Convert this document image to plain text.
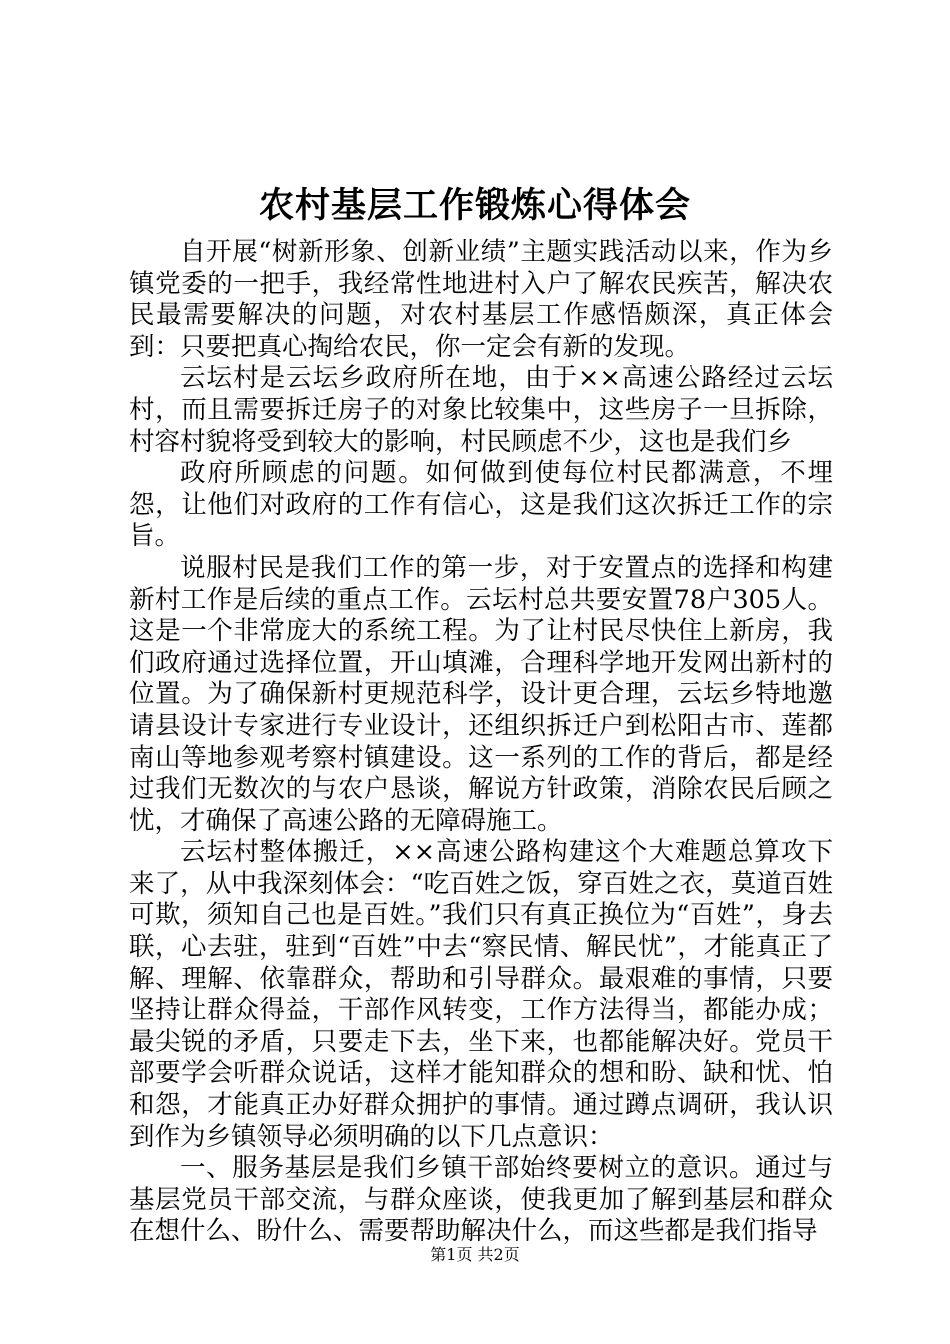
农村基层工作锻炼心得体会

自开展“树新形象、创新业绩”主题实践活动以来，作为乡镇党委的一把手，我经常性地进村入户了解农民疾苦，解决农民最需要解决的问题，对农村基层工作感悟颇深，真正体会到：只要把真心掏给农民，你一定会有新的发现。

云坛村是云坛乡政府所在地，由于××高速公路经过云坛村，而且需要拆迁房子的对象比较集中，这些房子一旦拆除，村容村貌将受到较大的影响，村民顾虑不少，这也是我们乡

政府所顾虑的问题。如何做到使每位村民都满意，不埋怨，让他们对政府的工作有信心，这是我们这次拆迁工作的宗旨。

说服村民是我们工作的第一步，对于安置点的选择和构建新村工作是后续的重点工作。云坛村总共要安置78户305人。这是一个非常庞大的系统工程。为了让村民尽快住上新房，我们政府通过选择位置，开山填滩，合理科学地开发网出新村的位置。为了确保新村更规范科学，设计更合理，云坛乡特地邀请县设计专家进行专业设计，还组织拆迁户到松阳古市、莲都南山等地参观考察村镇建设。这一系列的工作的背后，都是经过我们无数次的与农户恳谈，解说方针政策，消除农民后顾之忧，才确保了高速公路的无障碍施工。

云坛村整体搬迁，××高速公路构建这个大难题总算攻下来了，从中我深刻体会：“吃百姓之饭，穿百姓之衣，莫道百姓可欺，须知自己也是百姓。”我们只有真正换位为“百姓”，身去联，心去驻，驻到“百姓”中去“察民情、解民忧”，才能真正了解、理解、依靠群众，帮助和引导群众。最艰难的事情，只要坚持让群众得益，干部作风转变，工作方法得当，都能办成；最尖锐的矛盾，只要走下去，坐下来，也都能解决好。党员干部要学会听群众说话，这样才能知群众的想和盼、缺和忧、怕和怨，才能真正办好群众拥护的事情。通过蹲点调研，我认识到作为乡镇领导必须明确的以下几点意识：

一、服务基层是我们乡镇干部始终要树立的意识。通过与基层党员干部交流，与群众座谈，使我更加了解到基层和群众在想什么、盼什么、需要帮助解决什么，而这些都是我们指导

第1页 共2页
